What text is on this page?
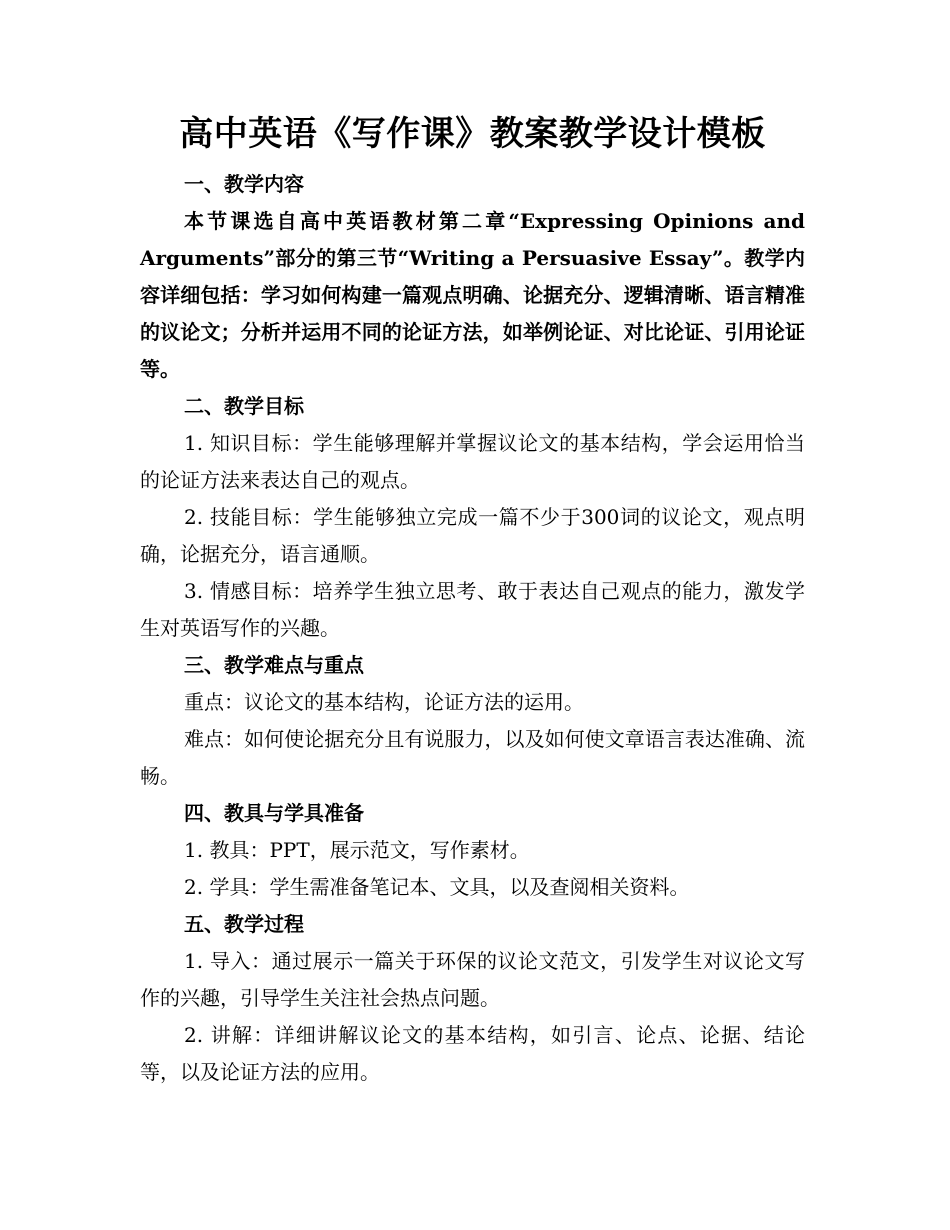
高中英语《写作课》教案教学设计模板
一、教学内容

本节课选自高中英语教材第二章“Expressing Opinions and Arguments”部分的第三节“Writing a Persuasive Essay”。教学内容详细包括：学习如何构建一篇观点明确、论据充分、逻辑清晰、语言精准的议论文；分析并运用不同的论证方法，如举例论证、对比论证、引用论证等。

二、教学目标

1. 知识目标：学生能够理解并掌握议论文的基本结构，学会运用恰当的论证方法来表达自己的观点。

2. 技能目标：学生能够独立完成一篇不少于300词的议论文，观点明确，论据充分，语言通顺。

3. 情感目标：培养学生独立思考、敢于表达自己观点的能力，激发学生对英语写作的兴趣。

三、教学难点与重点

重点：议论文的基本结构，论证方法的运用。

难点：如何使论据充分且有说服力，以及如何使文章语言表达准确、流畅。

四、教具与学具准备

1. 教具：PPT，展示范文，写作素材。

2. 学具：学生需准备笔记本、文具，以及查阅相关资料。

五、教学过程

1. 导入：通过展示一篇关于环保的议论文范文，引发学生对议论文写作的兴趣，引导学生关注社会热点问题。

2. 讲解：详细讲解议论文的基本结构，如引言、论点、论据、结论等，以及论证方法的应用。
